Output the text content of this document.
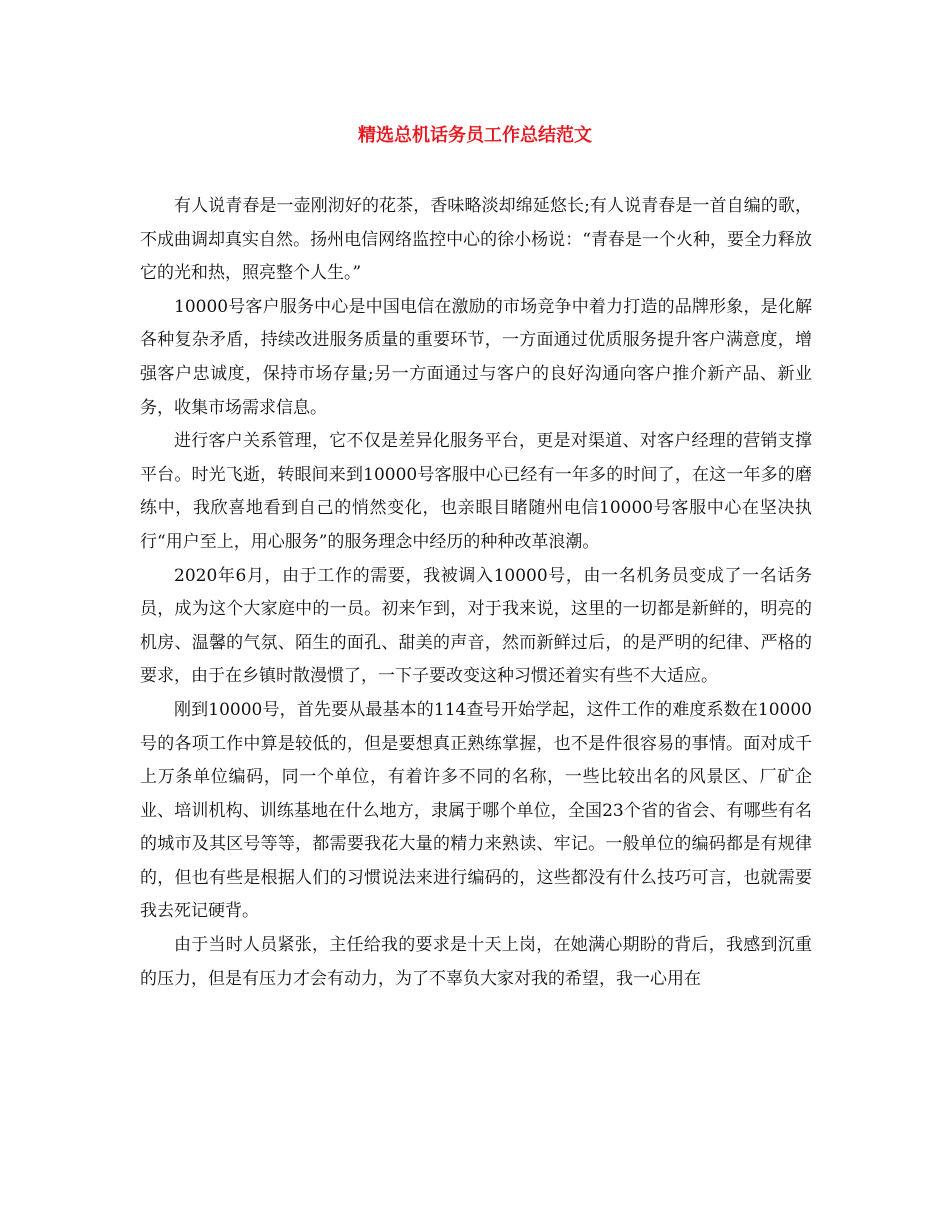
精选总机话务员工作总结范文

有人说青春是一壶刚沏好的花茶，香味略淡却绵延悠长;有人说青春是一首自编的歌，不成曲调却真实自然。扬州电信网络监控中心的徐小杨说：“青春是一个火种，要全力释放它的光和热，照亮整个人生。”

10000号客户服务中心是中国电信在激励的市场竞争中着力打造的品牌形象，是化解各种复杂矛盾，持续改进服务质量的重要环节，一方面通过优质服务提升客户满意度，增强客户忠诚度，保持市场存量;另一方面通过与客户的良好沟通向客户推介新产品、新业务，收集市场需求信息。

进行客户关系管理，它不仅是差异化服务平台，更是对渠道、对客户经理的营销支撑平台。时光飞逝，转眼间来到10000号客服中心已经有一年多的时间了，在这一年多的磨练中，我欣喜地看到自己的悄然变化，也亲眼目睹随州电信10000号客服中心在坚决执行“用户至上，用心服务”的服务理念中经历的种种改革浪潮。

2020年6月，由于工作的需要，我被调入10000号，由一名机务员变成了一名话务员，成为这个大家庭中的一员。初来乍到，对于我来说，这里的一切都是新鲜的，明亮的机房、温馨的气氛、陌生的面孔、甜美的声音，然而新鲜过后，的是严明的纪律、严格的要求，由于在乡镇时散漫惯了，一下子要改变这种习惯还着实有些不大适应。

刚到10000号，首先要从最基本的114查号开始学起，这件工作的难度系数在10000号的各项工作中算是较低的，但是要想真正熟练掌握，也不是件很容易的事情。面对成千上万条单位编码，同一个单位，有着许多不同的名称，一些比较出名的风景区、厂矿企业、培训机构、训练基地在什么地方，隶属于哪个单位，全国23个省的省会、有哪些有名的城市及其区号等等，都需要我花大量的精力来熟读、牢记。一般单位的编码都是有规律的，但也有些是根据人们的习惯说法来进行编码的，这些都没有什么技巧可言，也就需要我去死记硬背。

由于当时人员紧张，主任给我的要求是十天上岗，在她满心期盼的背后，我感到沉重的压力，但是有压力才会有动力，为了不辜负大家对我的希望，我一心用在
